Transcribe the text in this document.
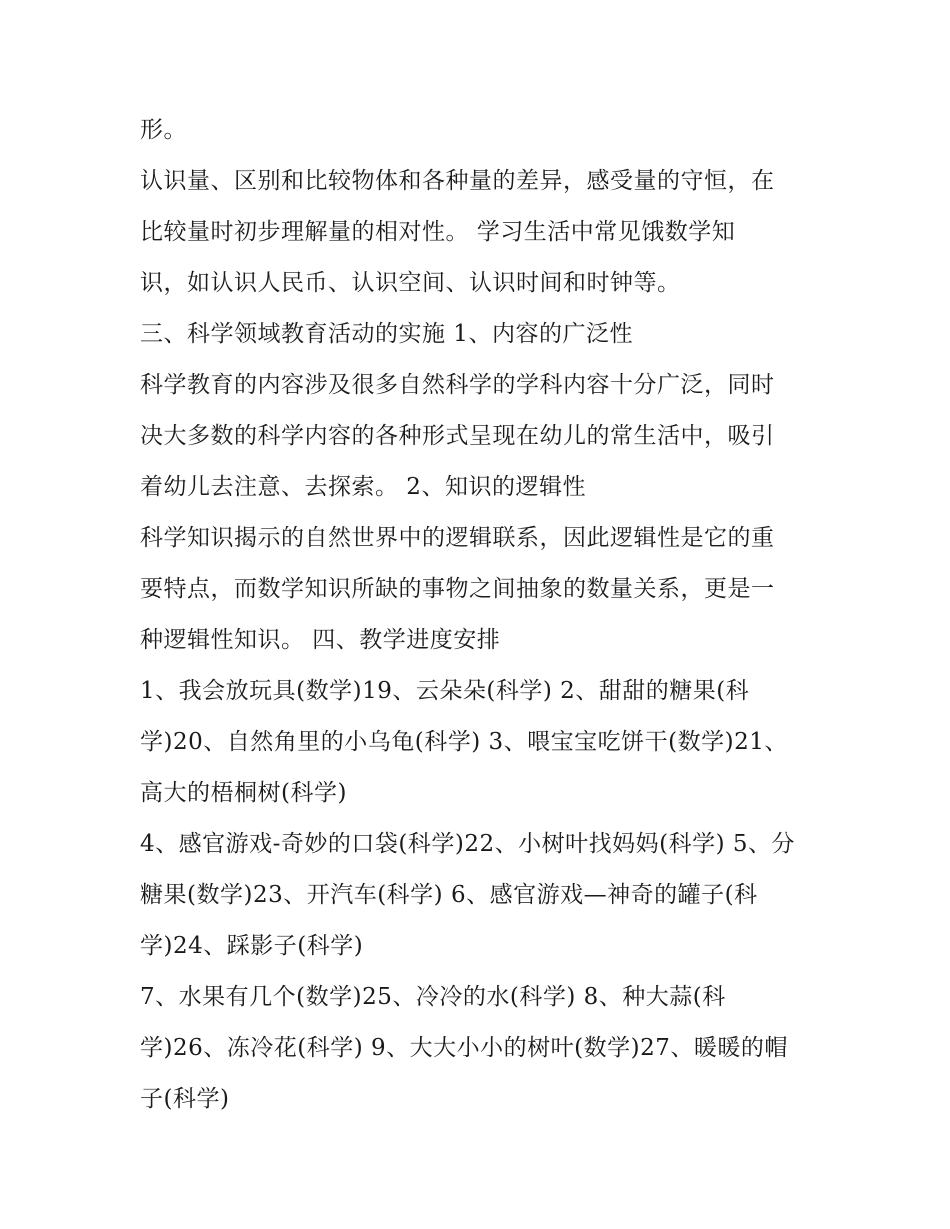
形。
认识量、区别和比较物体和各种量的差异，感受量的守恒，在
比较量时初步理解量的相对性。 学习生活中常见饿数学知
识，如认识人民币、认识空间、认识时间和时钟等。
三、科学领域教育活动的实施 1、内容的广泛性
科学教育的内容涉及很多自然科学的学科内容十分广泛，同时
决大多数的科学内容的各种形式呈现在幼儿的常生活中，吸引
着幼儿去注意、去探索。 2、知识的逻辑性
科学知识揭示的自然世界中的逻辑联系，因此逻辑性是它的重
要特点，而数学知识所缺的事物之间抽象的数量关系，更是一
种逻辑性知识。 四、教学进度安排
1、我会放玩具(数学)19、云朵朵(科学) 2、甜甜的糖果(科
学)20、自然角里的小乌龟(科学) 3、喂宝宝吃饼干(数学)21、
高大的梧桐树(科学)
4、感官游戏-奇妙的口袋(科学)22、小树叶找妈妈(科学) 5、分
糖果(数学)23、开汽车(科学) 6、感官游戏—神奇的罐子(科
学)24、踩影子(科学)
7、水果有几个(数学)25、冷冷的水(科学) 8、种大蒜(科
学)26、冻冷花(科学) 9、大大小小的树叶(数学)27、暖暖的帽
子(科学)
